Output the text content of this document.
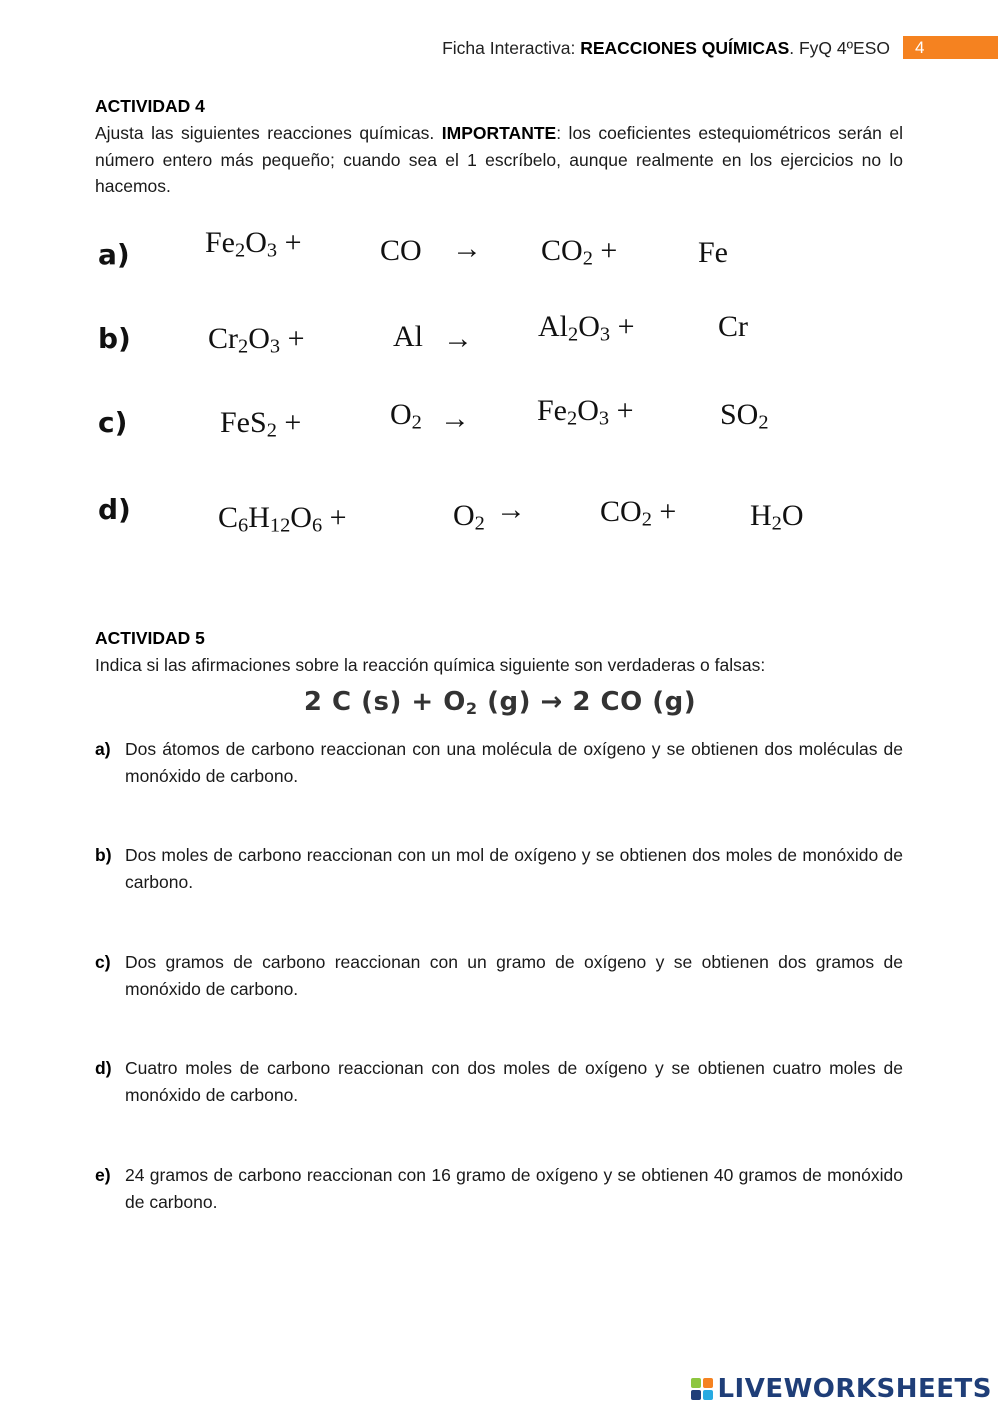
Ficha Interactiva: REACCIONES QUÍMICAS. FyQ 4ºESO	4
ACTIVIDAD 4
Ajusta las siguientes reacciones químicas. IMPORTANTE: los coeficientes estequiométricos serán el número entero más pequeño; cuando sea el 1 escríbelo, aunque realmente en los ejercicios no lo hacemos.
a)	$Fe_2O_3$ +	CO → $CO_2$ +	Fe
b)	$Cr_2O_3$ +	$Al \to Al_2O_3$ +	Cr
c)	FeS$_2$ +	$O_2 \to Fe_2O_3$ +	$SO_2$
d)	$C_6H_{12}O_6$ +	$O_2 \to CO_2 + H_2O$
ACTIVIDAD 5
Indica si las afirmaciones sobre la reacción química siguiente son verdaderas o falsas:
2 C $(s) + O_2$ (g) → 2 CO (g)
a) Dos átomos de carbono reaccionan con una molécula de oxígeno y se obtienen dos moléculas de monóxido de carbono.
b) Dos moles de carbono reaccionan con un mol de oxígeno y se obtienen dos moles de monóxido de carbono.
c) Dos gramos de carbono reaccionan con un gramo de oxígeno y se obtienen dos gramos de monóxido de carbono.
d) Cuatro moles de carbono reaccionan con dos moles de oxígeno y se obtienen cuatro moles de monóxido de carbono.
e) 24 gramos de carbono reaccionan con 16 gramo de oxígeno y se obtienen 40 gramos de monóxido de carbono.
LIVEWORKSHEETS
